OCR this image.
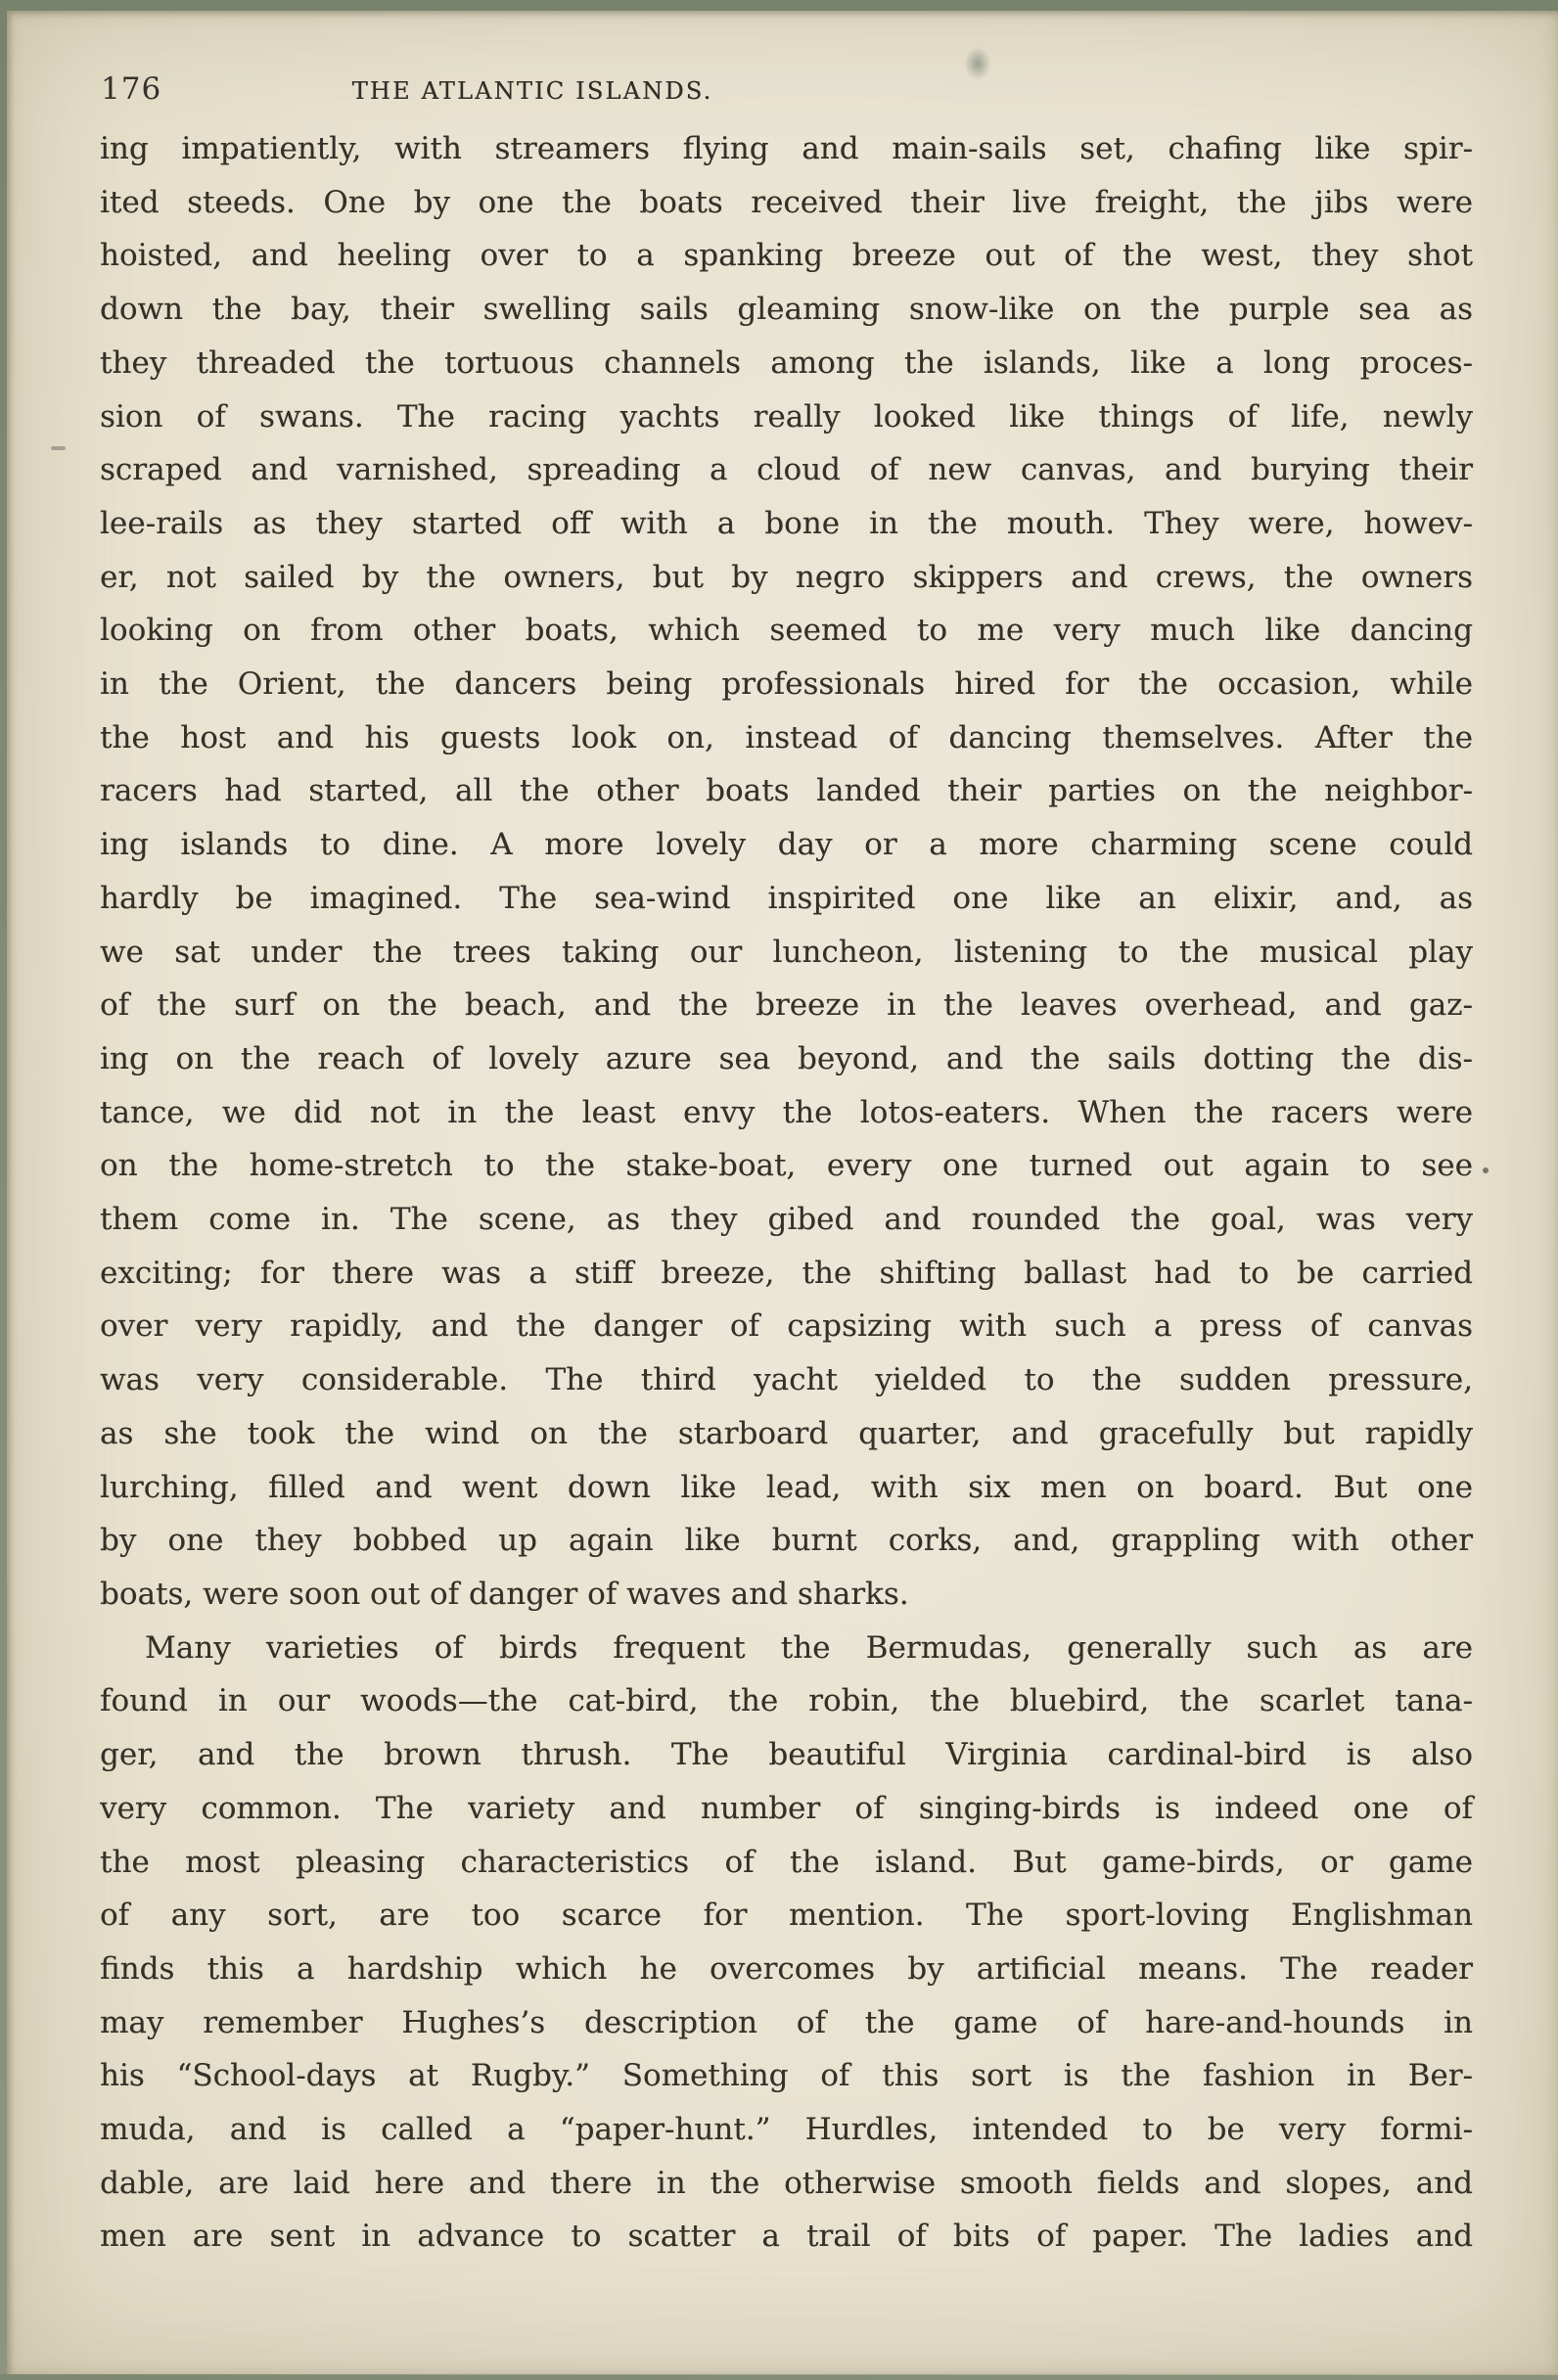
176	THE ATLANTIC ISLANDS.
ing impatiently, with streamers flying and main-sails set, chafing like spir-
ited steeds. One by one the boats received their live freight, the jibs were
hoisted, and heeling over to a spanking breeze out of the west, they shot
down the bay, their swelling sails gleaming snow-like on the purple sea as
they threaded the tortuous channels among the islands, like a long proces-
sion of swans. The racing yachts really looked like things of life, newly
scraped and varnished, spreading a cloud of new canvas, and burying their
lee-rails as they started off with a bone in the mouth. They were, howev-
er, not sailed by the owners, but by negro skippers and crews, the owners
looking on from other boats, which seemed to me very much like dancing
in the Orient, the dancers being professionals hired for the occasion, while
the host and his guests look on, instead of dancing themselves. After the
racers had started, all the other boats landed their parties on the neighbor-
ing islands to dine. A more lovely day or a more charming scene could
hardly be imagined. The sea-wind inspirited one like an elixir, and, as
we sat under the trees taking our luncheon, listening to the musical play
of the surf on the beach, and the breeze in the leaves overhead, and gaz-
ing on the reach of lovely azure sea beyond, and the sails dotting the dis-
tance, we did not in the least envy the lotos-eaters. When the racers were
on the home-stretch to the stake-boat, every one turned out again to see
them come in. The scene, as they gibed and rounded the goal, was very
exciting; for there was a stiff breeze, the shifting ballast had to be carried
over very rapidly, and the danger of capsizing with such a press of canvas
was very considerable. The third yacht yielded to the sudden pressure,
as she took the wind on the starboard quarter, and gracefully but rapidly
lurching, filled and went down like lead, with six men on board. But one
by one they bobbed up again like burnt corks, and, grappling with other
boats, were soon out of danger of waves and sharks.
Many varieties of birds frequent the Bermudas, generally such as are
found in our woods—the cat-bird, the robin, the bluebird, the scarlet tana-
ger, and the brown thrush. The beautiful Virginia cardinal-bird is also
very common. The variety and number of singing-birds is indeed one of
the most pleasing characteristics of the island. But game-birds, or game
of any sort, are too scarce for mention. The sport-loving Englishman
finds this a hardship which he overcomes by artificial means. The reader
may remember Hughes’s description of the game of hare-and-hounds in
his “School-days at Rugby.” Something of this sort is the fashion in Ber-
muda, and is called a “paper-hunt.” Hurdles, intended to be very formi-
dable, are laid here and there in the otherwise smooth fields and slopes, and
men are sent in advance to scatter a trail of bits of paper. The ladies and
